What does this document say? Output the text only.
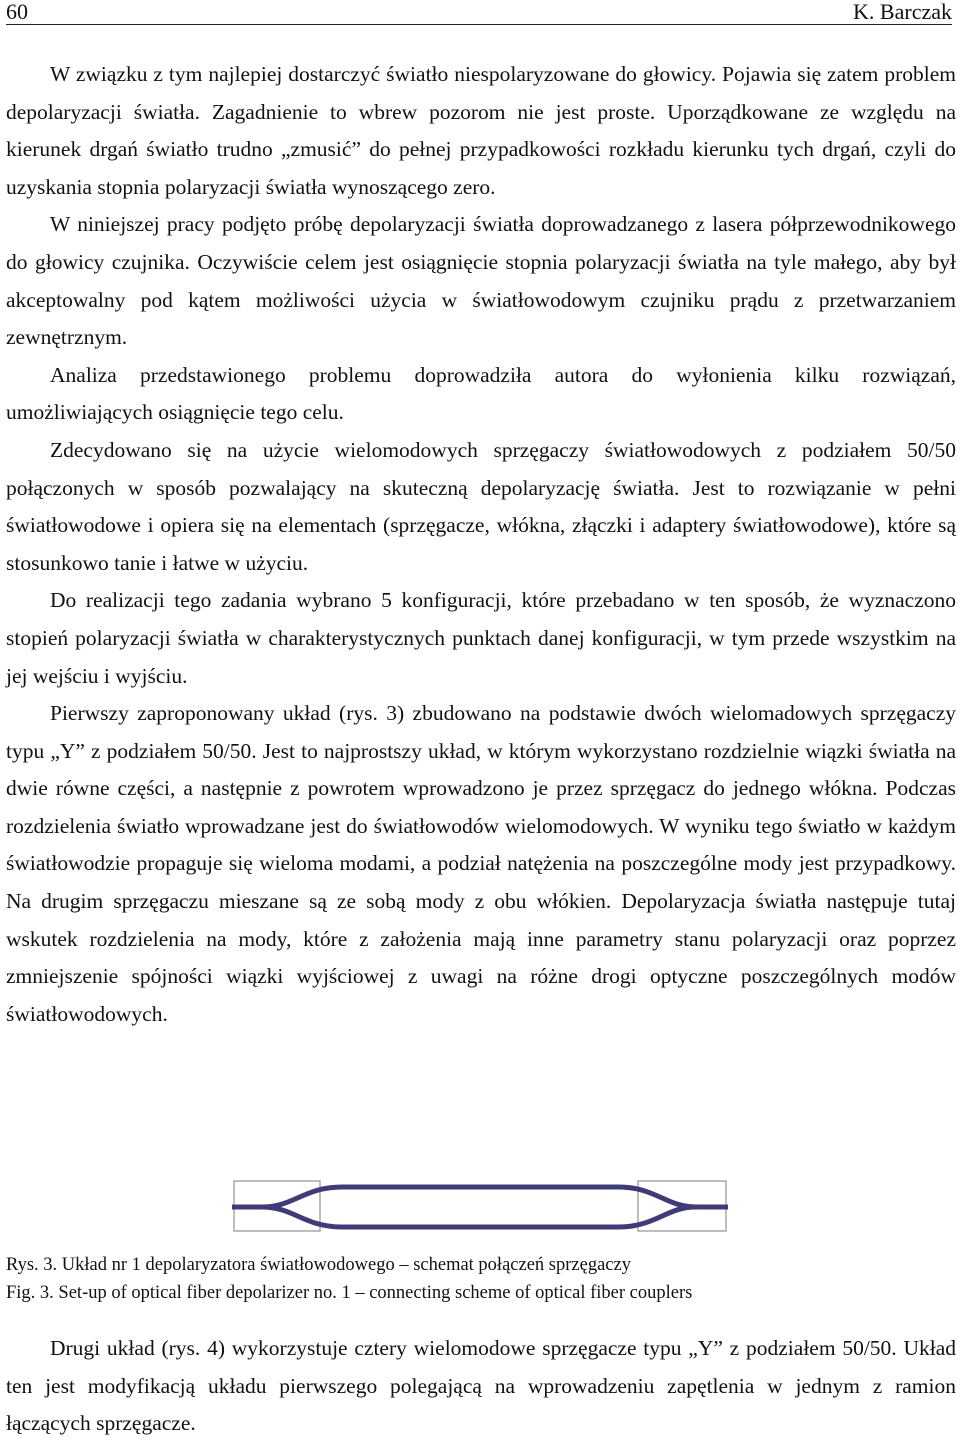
60	K. Barczak

W związku z tym najlepiej dostarczyć światło niespolaryzowane do głowicy. Pojawia się zatem problem depolaryzacji światła. Zagadnienie to wbrew pozorom nie jest proste. Uporządkowane ze względu na kierunek drgań światło trudno „zmusić” do pełnej przypadkowości rozkładu kierunku tych drgań, czyli do uzyskania stopnia polaryzacji światła wynoszącego zero.

W niniejszej pracy podjęto próbę depolaryzacji światła doprowadzanego z lasera półprzewodnikowego do głowicy czujnika. Oczywiście celem jest osiągnięcie stopnia polaryzacji światła na tyle małego, aby był akceptowalny pod kątem możliwości użycia w światłowodowym czujniku prądu z przetwarzaniem zewnętrznym.

Analiza przedstawionego problemu doprowadziła autora do wyłonienia kilku rozwiązań, umożliwiających osiągnięcie tego celu.

Zdecydowano się na użycie wielomodowych sprzęgaczy światłowodowych z podziałem 50/50 połączonych w sposób pozwalający na skuteczną depolaryzację światła. Jest to rozwiązanie w pełni światłowodowe i opiera się na elementach (sprzęgacze, włókna, złączki i adaptery światłowodowe), które są stosunkowo tanie i łatwe w użyciu.

Do realizacji tego zadania wybrano 5 konfiguracji, które przebadano w ten sposób, że wyznaczono stopień polaryzacji światła w charakterystycznych punktach danej konfiguracji, w tym przede wszystkim na jej wejściu i wyjściu.

Pierwszy zaproponowany układ (rys. 3) zbudowano na podstawie dwóch wielomadowych sprzęgaczy typu „Y” z podziałem 50/50. Jest to najprostszy układ, w którym wykorzystano rozdzielnie wiązki światła na dwie równe części, a następnie z powrotem wprowadzono je przez sprzęgacz do jednego włókna. Podczas rozdzielenia światło wprowadzane jest do światłowodów wielomodowych. W wyniku tego światło w każdym światłowodzie propaguje się wieloma modami, a podział natężenia na poszczególne mody jest przypadkowy. Na drugim sprzęgaczu mieszane są ze sobą mody z obu włókien. Depolaryzacja światła następuje tutaj wskutek rozdzielenia na mody, które z założenia mają inne parametry stanu polaryzacji oraz poprzez zmniejszenie spójności wiązki wyjściowej z uwagi na różne drogi optyczne poszczególnych modów światłowodowych.

Rys. 3. Układ nr 1 depolaryzatora światłowodowego – schemat połączeń sprzęgaczy
Fig. 3. Set-up of optical fiber depolarizer no. 1 – connecting scheme of optical fiber couplers

Drugi układ (rys. 4) wykorzystuje cztery wielomodowe sprzęgacze typu „Y” z podziałem 50/50. Układ ten jest modyfikacją układu pierwszego polegającą na wprowadzeniu zapętlenia w jednym z ramion łączących sprzęgacze.
